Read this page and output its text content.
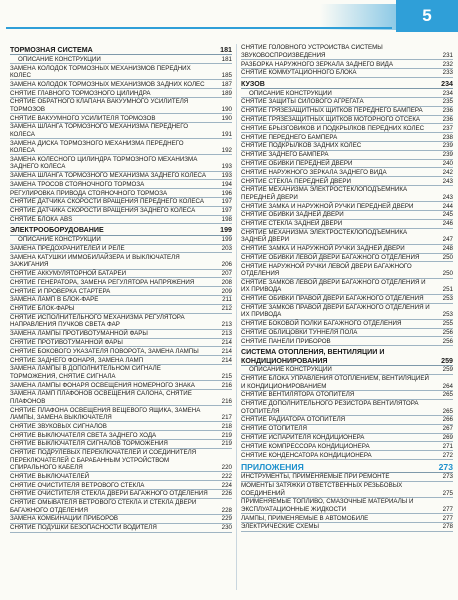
5
ТОРМОЗНАЯ СИСТЕМА	181
ОПИСАНИЕ КОНСТРУКЦИИ	181
ЗАМЕНА КОЛОДОК ТОРМОЗНЫХ МЕХАНИЗМОВ ПЕРЕДНИХ КОЛЕС	185
ЗАМЕНА КОЛОДОК ТОРМОЗНЫХ МЕХАНИЗМОВ ЗАДНИХ КОЛЕС	187
СНЯТИЕ ГЛАВНОГО ТОРМОЗНОГО ЦИЛИНДРА	189
СНЯТИЕ ОБРАТНОГО КЛАПАНА ВАКУУМНОГО УСИЛИТЕЛЯ ТОРМОЗОВ	190
СНЯТИЕ ВАКУУМНОГО УСИЛИТЕЛЯ ТОРМОЗОВ	190
ЗАМЕНА ШЛАНГА ТОРМОЗНОГО МЕХАНИЗМА ПЕРЕДНЕГО КОЛЕСА	191
ЗАМЕНА ДИСКА ТОРМОЗНОГО МЕХАНИЗМА ПЕРЕДНЕГО КОЛЕСА	192
ЗАМЕНА КОЛЕСНОГО ЦИЛИНДРА ТОРМОЗНОГО МЕХАНИЗМА ЗАДНЕГО КОЛЕСА	193
ЗАМЕНА ШЛАНГА ТОРМОЗНОГО МЕХАНИЗМА ЗАДНЕГО КОЛЕСА	193
ЗАМЕНА ТРОСОВ СТОЯНОЧНОГО ТОРМОЗА	194
РЕГУЛИРОВКА ПРИВОДА СТОЯНОЧНОГО ТОРМОЗА	196
СНЯТИЕ ДАТЧИКА СКОРОСТИ ВРАЩЕНИЯ ПЕРЕДНЕГО КОЛЕСА	197
СНЯТИЕ ДАТЧИКА СКОРОСТИ ВРАЩЕНИЯ ЗАДНЕГО КОЛЕСА	197
СНЯТИЕ БЛОКА ABS	198
ЭЛЕКТРООБОРУДОВАНИЕ	199
ОПИСАНИЕ КОНСТРУКЦИИ	199
ЗАМЕНА ПРЕДОХРАНИТЕЛЕЙ И РЕЛЕ	203
ЗАМЕНА КАТУШКИ ИММОБИЛАЙЗЕРА И ВЫКЛЮЧАТЕЛЯ ЗАЖИГАНИЯ	206
СНЯТИЕ АККУМУЛЯТОРНОЙ БАТАРЕИ	207
СНЯТИЕ ГЕНЕРАТОРА, ЗАМЕНА РЕГУЛЯТОРА НАПРЯЖЕНИЯ	208
СНЯТИЕ И ПРОВЕРКА СТАРТЕРА	209
ЗАМЕНА ЛАМП В БЛОК-ФАРЕ	211
СНЯТИЕ БЛОК-ФАРЫ	212
СНЯТИЕ ИСПОЛНИТЕЛЬНОГО МЕХАНИЗМА РЕГУЛЯТОРА НАПРАВЛЕНИЯ ПУЧКОВ СВЕТА ФАР	213
ЗАМЕНА ЛАМПЫ ПРОТИВОТУМАННОЙ ФАРЫ	213
СНЯТИЕ ПРОТИВОТУМАННОЙ ФАРЫ	214
СНЯТИЕ БОКОВОГО УКАЗАТЕЛЯ ПОВОРОТА, ЗАМЕНА ЛАМПЫ	214
СНЯТИЕ ЗАДНЕГО ФОНАРЯ, ЗАМЕНА ЛАМП	214
ЗАМЕНА ЛАМПЫ В ДОПОЛНИТЕЛЬНОМ СИГНАЛЕ ТОРМОЖЕНИЯ, СНЯТИЕ СИГНАЛА	215
ЗАМЕНА ЛАМПЫ ФОНАРЯ ОСВЕЩЕНИЯ НОМЕРНОГО ЗНАКА	216
ЗАМЕНА ЛАМП ПЛАФОНОВ ОСВЕЩЕНИЯ САЛОНА, СНЯТИЕ ПЛАФОНОВ	216
СНЯТИЕ ПЛАФОНА ОСВЕЩЕНИЯ ВЕЩЕВОГО ЯЩИКА, ЗАМЕНА ЛАМПЫ, ЗАМЕНА ВЫКЛЮЧАТЕЛЯ	217
СНЯТИЕ ЗВУКОВЫХ СИГНАЛОВ	218
СНЯТИЕ ВЫКЛЮЧАТЕЛЯ СВЕТА ЗАДНЕГО ХОДА	219
СНЯТИЕ ВЫКЛЮЧАТЕЛЯ СИГНАЛОВ ТОРМОЖЕНИЯ	219
СНЯТИЕ ПОДРУЛЕВЫХ ПЕРЕКЛЮЧАТЕЛЕЙ И СОЕДИНИТЕЛЯ ПЕРЕКЛЮЧАТЕЛЕЙ С БАРАБАННЫМ УСТРОЙСТВОМ СПИРАЛЬНОГО КАБЕЛЯ	220
СНЯТИЕ ВЫКЛЮЧАТЕЛЕЙ	222
СНЯТИЕ ОЧИСТИТЕЛЯ ВЕТРОВОГО СТЕКЛА	224
СНЯТИЕ ОЧИСТИТЕЛЯ СТЕКЛА ДВЕРИ БАГАЖНОГО ОТДЕЛЕНИЯ	226
СНЯТИЕ ОМЫВАТЕЛЯ ВЕТРОВОГО СТЕКЛА И СТЕКЛА ДВЕРИ БАГАЖНОГО ОТДЕЛЕНИЯ	228
ЗАМЕНА КОМБИНАЦИИ ПРИБОРОВ	229
СНЯТИЕ ПОДУШКИ БЕЗОПАСНОСТИ ВОДИТЕЛЯ	230
СНЯТИЕ ГОЛОВНОГО УСТРОЙСТВА СИСТЕМЫ ЗВУКОВОСПРОИЗВЕДЕНИЯ	231
РАЗБОРКА НАРУЖНОГО ЗЕРКАЛА ЗАДНЕГО ВИДА	232
СНЯТИЕ КОММУТАЦИОННОГО БЛОКА	233
КУЗОВ	234
ОПИСАНИЕ КОНСТРУКЦИИ	234
СНЯТИЕ ЗАЩИТЫ СИЛОВОГО АГРЕГАТА	235
СНЯТИЕ ГРЯЗЕЗАЩИТНЫХ ЩИТКОВ ПЕРЕДНЕГО БАМПЕРА	236
СНЯТИЕ ГРЯЗЕЗАЩИТНЫХ ЩИТКОВ МОТОРНОГО ОТСЕКА	236
СНЯТИЕ БРЫЗГОВИКОВ И ПОДКРЫЛКОВ ПЕРЕДНИХ КОЛЕС	237
СНЯТИЕ ПЕРЕДНЕГО БАМПЕРА	238
СНЯТИЕ ПОДКРЫЛКОВ ЗАДНИХ КОЛЕС	239
СНЯТИЕ ЗАДНЕГО БАМПЕРА	239
СНЯТИЕ ОБИВКИ ПЕРЕДНЕЙ ДВЕРИ	240
СНЯТИЕ НАРУЖНОГО ЗЕРКАЛА ЗАДНЕГО ВИДА	242
СНЯТИЕ СТЕКЛА ПЕРЕДНЕЙ ДВЕРИ	243
СНЯТИЕ МЕХАНИЗМА ЭЛЕКТРОСТЕКЛОПОДЪЕМНИКА ПЕРЕДНЕЙ ДВЕРИ	243
СНЯТИЕ ЗАМКА И НАРУЖНОЙ РУЧКИ ПЕРЕДНЕЙ ДВЕРИ	244
СНЯТИЕ ОБИВКИ ЗАДНЕЙ ДВЕРИ	245
СНЯТИЕ СТЕКЛА ЗАДНЕЙ ДВЕРИ	246
СНЯТИЕ МЕХАНИЗМА ЭЛЕКТРОСТЕКЛОПОДЪЕМНИКА ЗАДНЕЙ ДВЕРИ	247
СНЯТИЕ ЗАМКА И НАРУЖНОЙ РУЧКИ ЗАДНЕЙ ДВЕРИ	248
СНЯТИЕ ОБИВКИ ЛЕВОЙ ДВЕРИ БАГАЖНОГО ОТДЕЛЕНИЯ	250
СНЯТИЕ НАРУЖНОЙ РУЧКИ ЛЕВОЙ ДВЕРИ БАГАЖНОГО ОТДЕЛЕНИЯ	250
СНЯТИЕ ЗАМКОВ ЛЕВОЙ ДВЕРИ БАГАЖНОГО ОТДЕЛЕНИЯ И ИХ ПРИВОДА	251
СНЯТИЕ ОБИВКИ ПРАВОЙ ДВЕРИ БАГАЖНОГО ОТДЕЛЕНИЯ	253
СНЯТИЕ ЗАМКОВ ПРАВОЙ ДВЕРИ БАГАЖНОГО ОТДЕЛЕНИЯ И ИХ ПРИВОДА	253
СНЯТИЕ БОКОВОЙ ПОЛКИ БАГАЖНОГО ОТДЕЛЕНИЯ	255
СНЯТИЕ ОБЛИЦОВКИ ТУННЕЛЯ ПОЛА	256
СНЯТИЕ ПАНЕЛИ ПРИБОРОВ	256
СИСТЕМА ОТОПЛЕНИЯ, ВЕНТИЛЯЦИИ И КОНДИЦИОНИРОВАНИЯ	259
ОПИСАНИЕ КОНСТРУКЦИИ	259
СНЯТИЕ БЛОКА УПРАВЛЕНИЯ ОТОПЛЕНИЕМ, ВЕНТИЛЯЦИЕЙ И КОНДИЦИОНИРОВАНИЕМ	264
СНЯТИЕ ВЕНТИЛЯТОРА ОТОПИТЕЛЯ	265
СНЯТИЕ ДОПОЛНИТЕЛЬНОГО РЕЗИСТОРА ВЕНТИЛЯТОРА ОТОПИТЕЛЯ	265
СНЯТИЕ РАДИАТОРА ОТОПИТЕЛЯ	266
СНЯТИЕ ОТОПИТЕЛЯ	267
СНЯТИЕ ИСПАРИТЕЛЯ КОНДИЦИОНЕРА	269
СНЯТИЕ КОМПРЕССОРА КОНДИЦИОНЕРА	271
СНЯТИЕ КОНДЕНСАТОРА КОНДИЦИОНЕРА	272
ПРИЛОЖЕНИЯ	273
ИНСТРУМЕНТЫ, ПРИМЕНЯЕМЫЕ ПРИ РЕМОНТЕ	273
МОМЕНТЫ ЗАТЯЖКИ ОТВЕТСТВЕННЫХ РЕЗЬБОВЫХ СОЕДИНЕНИЙ	275
ПРИМЕНЯЕМЫЕ ТОПЛИВО, СМАЗОЧНЫЕ МАТЕРИАЛЫ И ЭКСПЛУАТАЦИОННЫЕ ЖИДКОСТИ	277
ЛАМПЫ, ПРИМЕНЯЕМЫЕ В АВТОМОБИЛЕ	277
ЭЛЕКТРИЧЕСКИЕ СХЕМЫ	278
